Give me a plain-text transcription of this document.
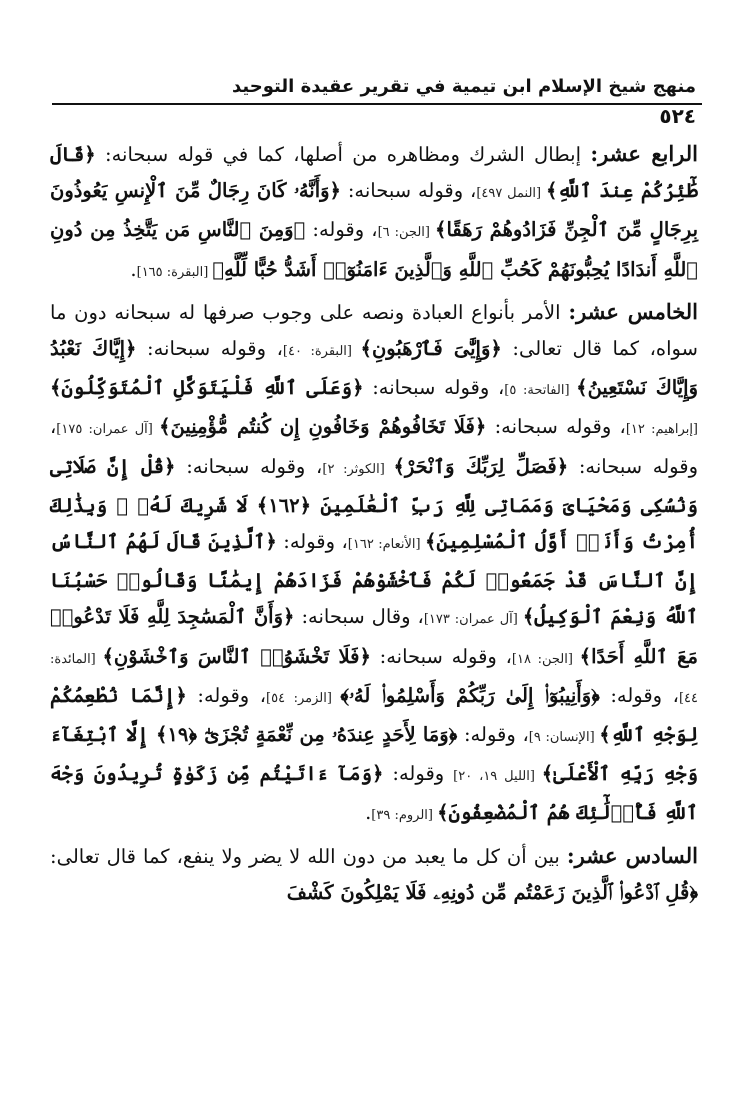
منهج شيخ الإسلام ابن تيمية في تقرير عقيدة التوحيد
٥٢٤

الرابع عشر: إبطال الشرك ومظاهره من أصلها، كما في قوله سبحانه: ﴿قَالَ طَٰٓئِرُكُمْ عِندَ ٱللَّهِ﴾ [النمل ٤٩٧]، وقوله سبحانه: ﴿وَأَنَّهُۥ كَانَ رِجَالٌ مِّنَ ٱلْإِنسِ يَعُوذُونَ بِرِجَالٍ مِّنَ ٱلْجِنِّ فَزَادُوهُمْ رَهَقًا﴾ [الجن: ٦]، وقوله: ﴿وَمِنَ ٱلنَّاسِ مَن يَتَّخِذُ مِن دُونِ ٱللَّهِ أَندَادًا يُحِبُّونَهُمْ كَحُبِّ ٱللَّهِ وَٱلَّذِينَ ءَامَنُوٓا۟ أَشَدُّ حُبًّا لِّلَّهِ﴾ [البقرة: ١٦٥].

الخامس عشر: الأمر بأنواع العبادة ونصه على وجوب صرفها له سبحانه دون ما سواه، كما قال تعالى: ﴿وَإِيَّٰىَ فَٱرْهَبُونِ﴾ [البقرة: ٤٠]، وقوله سبحانه: ﴿إِيَّاكَ نَعْبُدُ وَإِيَّاكَ نَسْتَعِينُ﴾ [الفاتحة: ٥]، وقوله سبحانه: ﴿وَعَلَى ٱللَّهِ فَلْيَتَوَكَّلِ ٱلْمُتَوَكِّلُونَ﴾ [إبراهيم: ١٢]، وقوله سبحانه: ﴿فَلَا تَخَافُوهُمْ وَخَافُونِ إِن كُنتُم مُّؤْمِنِينَ﴾ [آل عمران: ١٧٥]، وقوله سبحانه: ﴿فَصَلِّ لِرَبِّكَ وَٱنْحَرْ﴾ [الكوثر: ٢]، وقوله سبحانه: ﴿قُلْ إِنَّ صَلَاتِى وَنُسُكِى وَمَحْيَاىَ وَمَمَاتِى لِلَّهِ رَبِّ ٱلْعَٰلَمِينَ ﴿١٦٢﴾ لَا شَرِيكَ لَهُۥ ۖ وَبِذَٰلِكَ أُمِرْتُ وَأَنَا۠ أَوَّلُ ٱلْمُسْلِمِينَ﴾ [الأنعام: ١٦٢]، وقوله: ﴿ٱلَّذِينَ قَالَ لَهُمُ ٱلنَّاسُ إِنَّ ٱلنَّاسَ قَدْ جَمَعُوا۟ لَكُمْ فَٱخْشَوْهُمْ فَزَادَهُمْ إِيمَٰنًا وَقَالُوا۟ حَسْبُنَا ٱللَّهُ وَنِعْمَ ٱلْوَكِيلُ﴾ [آل عمران: ١٧٣]، وقال سبحانه: ﴿وَأَنَّ ٱلْمَسَٰجِدَ لِلَّهِ فَلَا تَدْعُوا۟ مَعَ ٱللَّهِ أَحَدًا﴾ [الجن: ١٨]، وقوله سبحانه: ﴿فَلَا تَخْشَوُا۟ ٱلنَّاسَ وَٱخْشَوْنِ﴾ [المائدة: ٤٤]، وقوله: ﴿وَأَنِيبُوٓا۟ إِلَىٰ رَبِّكُمْ وَأَسْلِمُوا۟ لَهُۥ﴾ [الزمر: ٥٤]، وقوله: ﴿إِنَّمَا نُطْعِمُكُمْ لِوَجْهِ ٱللَّهِ﴾ [الإنسان: ٩]، وقوله: ﴿وَمَا لِأَحَدٍ عِندَهُۥ مِن نِّعْمَةٍ تُجْزَىٰٓ ﴿١٩﴾ إِلَّا ٱبْتِغَآءَ وَجْهِ رَبِّهِ ٱلْأَعْلَىٰ﴾ [الليل ١٩، ٢٠] وقوله: ﴿وَمَآ ءَاتَيْتُم مِّن زَكَوٰةٍ تُرِيدُونَ وَجْهَ ٱللَّهِ فَأُو۟لَٰٓئِكَ هُمُ ٱلْمُضْعِفُونَ﴾ [الروم: ٣٩].

السادس عشر: بين أن كل ما يعبد من دون الله لا يضر ولا ينفع، كما قال تعالى: ﴿قُلِ ٱدْعُوا۟ ٱلَّذِينَ زَعَمْتُم مِّن دُونِهِۦ فَلَا يَمْلِكُونَ كَشْفَ
